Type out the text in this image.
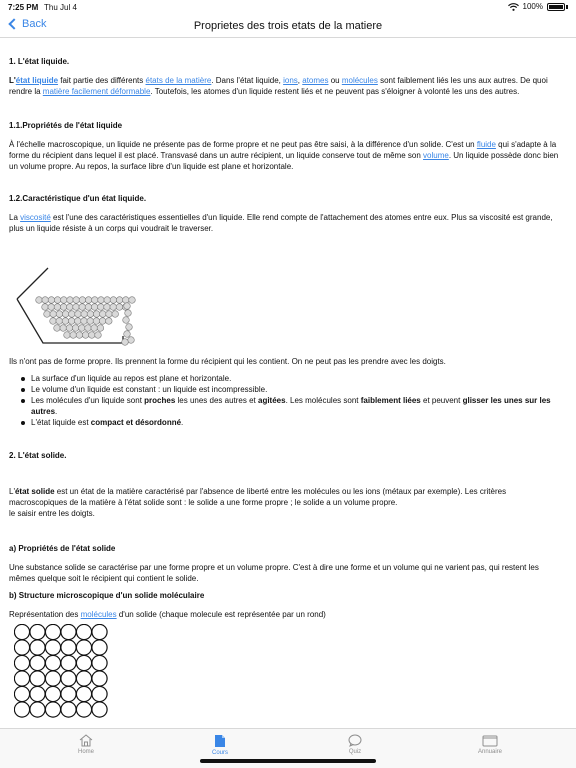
7:25 PM Thu Jul 4	100%
Back	Proprietes des trois etats de la matiere
1. L'état liquide.

L'état liquide fait partie des différents états de la matière. Dans l'état liquide, ions, atomes ou molécules sont faiblement liés les uns aux autres. De quoi rendre la matière facilement déformable. Toutefois, les atomes d'un liquide restent liés et ne peuvent pas s'éloigner à volonté les uns des autres.

1.1.Propriétés de l'état liquide

À l'échelle macroscopique, un liquide ne présente pas de forme propre et ne peut pas être saisi, à la différence d'un solide. C'est un fluide qui s'adapte à la forme du récipient dans lequel il est placé. Transvasé dans un autre récipient, un liquide conserve tout de même son volume. Un liquide possède donc bien un volume propre. Au repos, la surface libre d'un liquide est plane et horizontale.

1.2.Caractéristique d'un état liquide.

La viscosité est l'une des caractéristiques essentielles d'un liquide. Elle rend compte de l'attachement des atomes entre eux. Plus sa viscosité est grande, plus un liquide résiste à un corps qui voudrait le traverser.

Ils n'ont pas de forme propre. Ils prennent la forme du récipient qui les contient. On ne peut pas les prendre avec les doigts.

La surface d'un liquide au repos est plane et horizontale.
Le volume d'un liquide est constant : un liquide est incompressible.
Les molécules d'un liquide sont proches les unes des autres et agitées. Les molécules sont faiblement liées et peuvent glisser les unes sur les autres.
L'état liquide est compact et désordonné.
2. L'état solide.

L'état solide est un état de la matière caractérisé par l'absence de liberté entre les molécules ou les ions (métaux par exemple). Les critères macroscopiques de la matière à l'état solide sont : le solide a une forme propre ; le solide a un volume propre.

le saisir entre les doigts.

a) Propriétés de l'état solide

Une substance solide se caractérise par une forme propre et un volume propre. C'est à dire une forme et un volume qui ne varient pas, qui restent les mêmes quelque soit le récipient qui contient le solide.

b) Structure microscopique d'un solide moléculaire

Représentation des molécules d'un solide (chaque molecule est représentée par un rond)

Home	Cours	Quiz	Annuaire
